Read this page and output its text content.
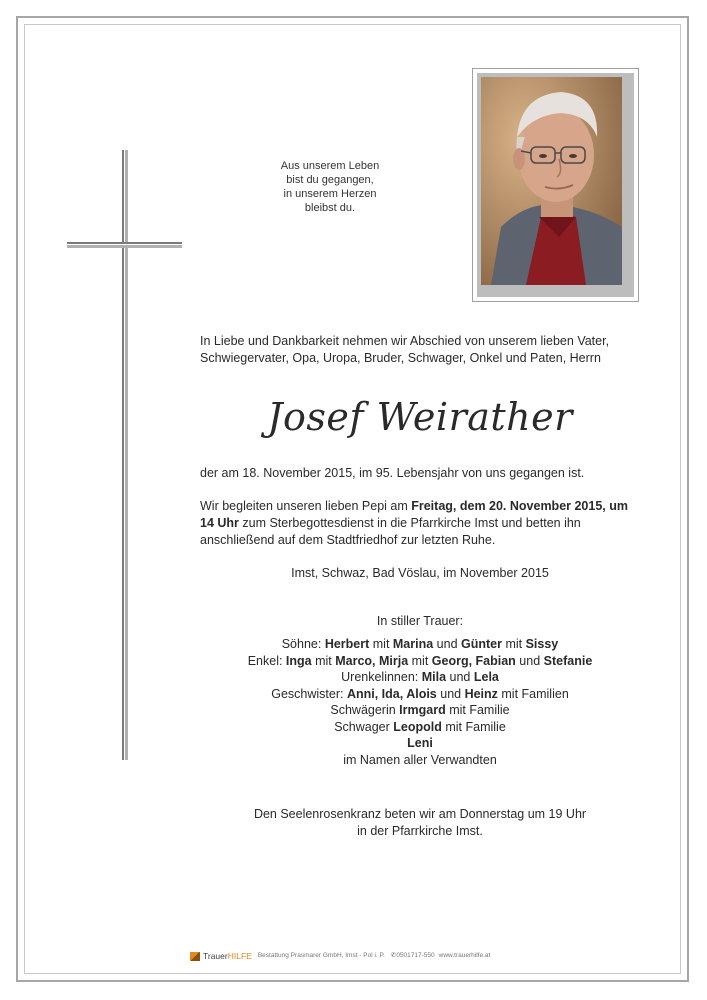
Aus unserem Leben
bist du gegangen,
in unserem Herzen
bleibst du.
In Liebe und Dankbarkeit nehmen wir Abschied von unserem lieben Vater, Schwiegervater, Opa, Uropa, Bruder, Schwager, Onkel und Paten, Herrn
Josef Weirather
der am 18. November 2015, im 95. Lebensjahr von uns gegangen ist.
Wir begleiten unseren lieben Pepi am Freitag, dem 20. November 2015, um 14 Uhr zum Sterbegottesdienst in die Pfarrkirche Imst und betten ihn anschließend auf dem Stadtfriedhof zur letzten Ruhe.
Imst, Schwaz, Bad Vöslau, im November 2015
In stiller Trauer:
Söhne: Herbert mit Marina und Günter mit Sissy
Enkel: Inga mit Marco, Mirja mit Georg, Fabian und Stefanie
Urenkelinnen: Mila und Lela
Geschwister: Anni, Ida, Alois und Heinz mit Familien
Schwägerin Irmgard mit Familie
Schwager Leopold mit Familie
Leni
im Namen aller Verwandten
Den Seelenrosenkranz beten wir am Donnerstag um 19 Uhr
in der Pfarrkirche Imst.
TrauerHILFE Bestattung Prasmarer GmbH, Imst - Pol i. P. ✆0501717-550 www.trauerhilfe.at
